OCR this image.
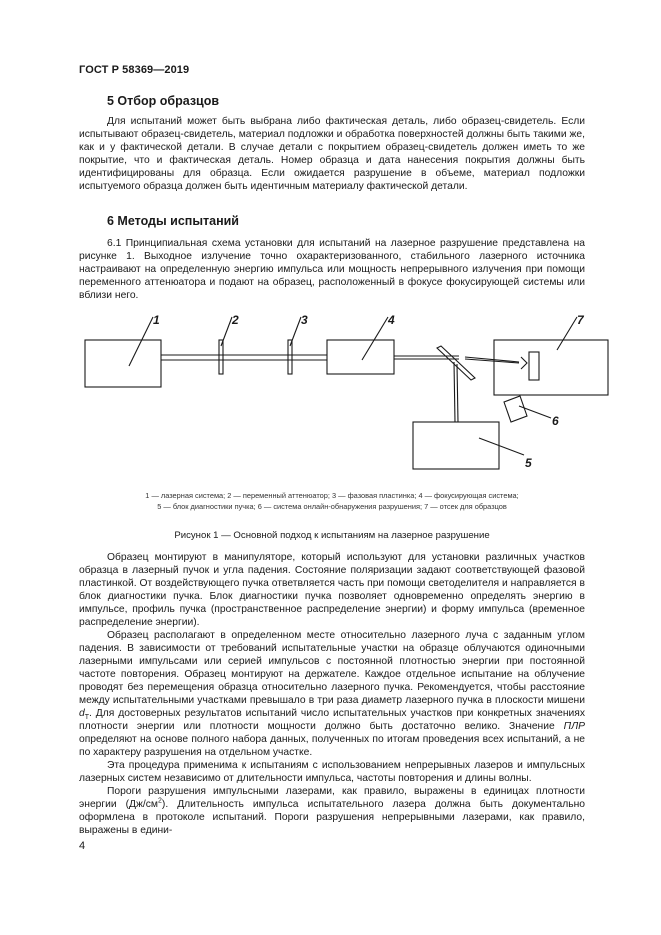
ГОСТ Р 58369—2019
5 Отбор образцов

Для испытаний может быть выбрана либо фактическая деталь, либо образец-свидетель. Если испытывают образец-свидетель, материал подложки и обработка поверхностей должны быть такими же, как и у фактической детали. В случае детали с покрытием образец-свидетель должен иметь то же покрытие, что и фактическая деталь. Номер образца и дата нанесения покрытия должны быть идентифицированы для образца. Если ожидается разрушение в объеме, материал подложки испытуемого образца должен быть идентичным материалу фактической детали.

6 Методы испытаний

6.1 Принципиальная схема установки для испытаний на лазерное разрушение представлена на рисунке 1. Выходное излучение точно охарактеризованного, стабильного лазерного источника настраивают на определенную энергию импульса или мощность непрерывного излучения при помощи переменного аттенюатора и подают на образец, расположенный в фокусе фокусирующей системы или вблизи него.

1	2	3	4
5
6
7
1 — лазерная система; 2 — переменный аттенюатор; 3 — фазовая пластинка; 4 — фокусирующая система;
5 — блок диагностики пучка; 6 — система онлайн-обнаружения разрушения; 7 — отсек для образцов
Рисунок 1 — Основной подход к испытаниям на лазерное разрушение

Образец монтируют в манипуляторе, который используют для установки различных участков образца в лазерный пучок и угла падения. Состояние поляризации задают соответствующей фазовой пластинкой. От воздействующего пучка ответвляется часть при помощи светоделителя и направляется в блок диагностики пучка. Блок диагностики пучка позволяет одновременно определять энергию в импульсе, профиль пучка (пространственное распределение энергии) и форму импульса (временное распределение энергии).

Образец располагают в определенном месте относительно лазерного луча с заданным углом падения. В зависимости от требований испытательные участки на образце облучаются одиночными лазерными импульсами или серией импульсов с постоянной плотностью энергии при постоянной частоте повторения. Образец монтируют на держателе. Каждое отдельное испытание на облучение проводят без перемещения образца относительно лазерного пучка. Рекомендуется, чтобы расстояние между испытательными участками превышало в три раза диаметр лазерного пучка в плоскости мишени $d_T$. Для достоверных результатов испытаний число испытательных участков при конкретных значениях плотности энергии или плотности мощности должно быть достаточно велико. Значение ПЛР определяют на основе полного набора данных, полученных по итогам проведения всех испытаний, а не по характеру разрушения на отдельном участке.

Эта процедура применима к испытаниям с использованием непрерывных лазеров и импульсных лазерных систем независимо от длительности импульса, частоты повторения и длины волны.

Пороги разрушения импульсными лазерами, как правило, выражены в единицах плотности энергии $(Дж/см^2)$. Длительность импульса испытательного лазера должна быть документально оформлена в протоколе испытаний. Пороги разрушения непрерывными лазерами, как правило, выражены в едини-

4
